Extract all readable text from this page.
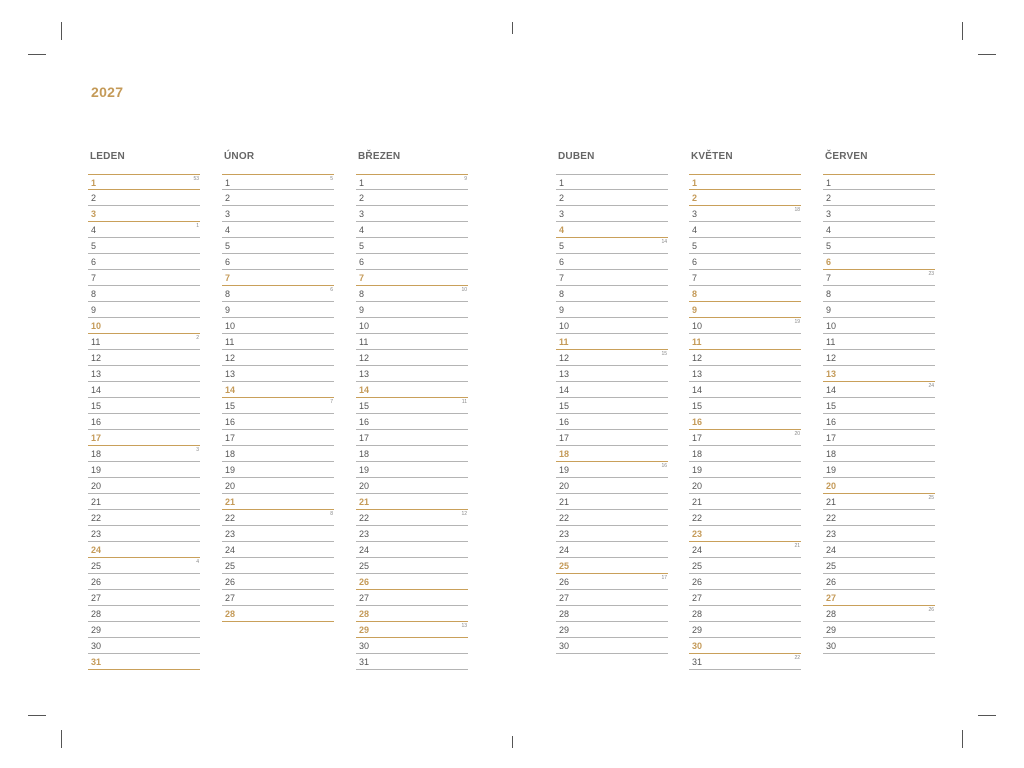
2027
LEDEN
1	53
2
3
4	1
5
6
7
8
9
10
11	2
12
13
14
15
16
17
18	3
19
20
21
22
23
24
25	4
26
27
28
29
30
31
ÚNOR
1	5
2
3
4
5
6
7
8	6
9
10
11
12
13
14
15	7
16
17
18
19
20
21
22	8
23
24
25
26
27
28
BŘEZEN
1	9
2
3
4
5
6
7
8	10
9
10
11
12
13
14
15	11
16
17
18
19
20
21
22	12
23
24
25
26
27
28
29	13
30
31
DUBEN
1
2
3
4
5	14
6
7
8
9
10
11
12	15
13
14
15
16
17
18
19	16
20
21
22
23
24
25
26	17
27
28
29
30
KVĚTEN
1
2
3	18
4
5
6
7
8
9
10	19
11
12
13
14
15
16
17	20
18
19
20
21
22
23
24	21
25
26
27
28
29
30
31	22
ČERVEN
1
2
3
4
5
6
7	23
8
9
10
11
12
13
14	24
15
16
17
18
19
20
21	25
22
23
24
25
26
27
28	26
29
30
